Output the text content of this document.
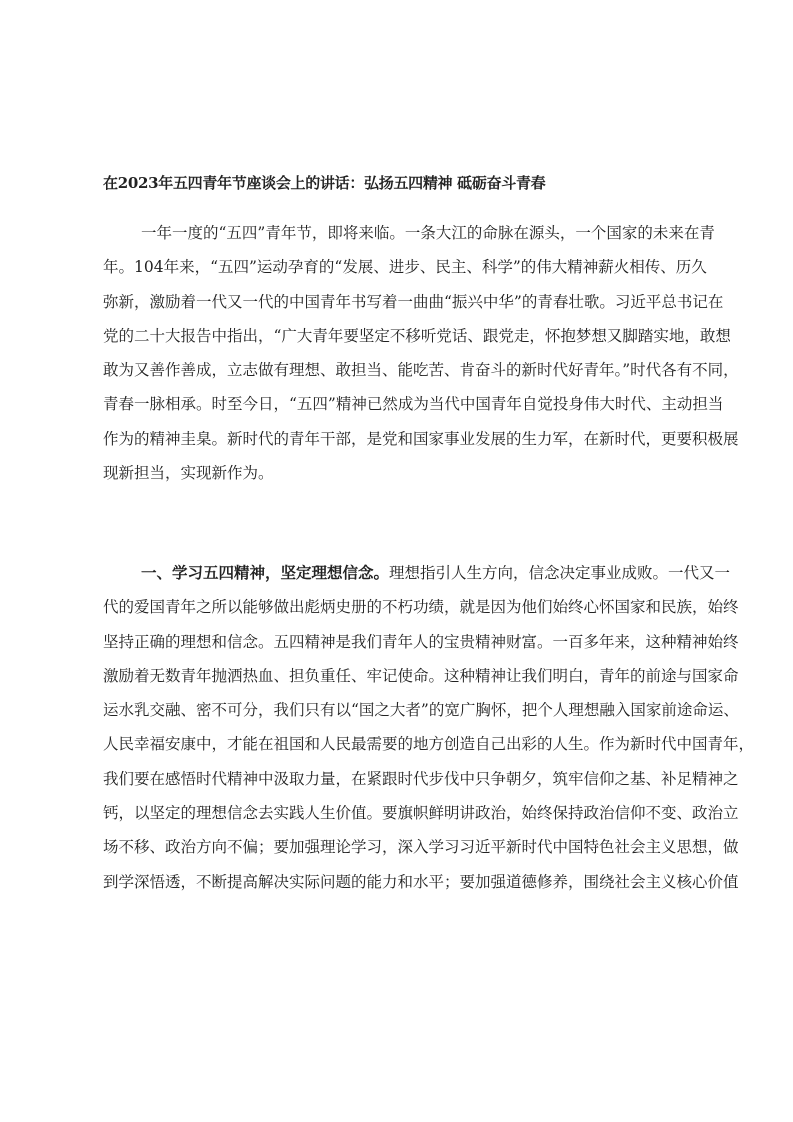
在2023年五四青年节座谈会上的讲话：弘扬五四精神 砥砺奋斗青春
一年一度的“五四”青年节，即将来临。一条大江的命脉在源头，一个国家的未来在青
年。104年来，“五四”运动孕育的“发展、进步、民主、科学”的伟大精神薪火相传、历久
弥新，激励着一代又一代的中国青年书写着一曲曲“振兴中华”的青春壮歌。习近平总书记在
党的二十大报告中指出，“广大青年要坚定不移听党话、跟党走，怀抱梦想又脚踏实地，敢想
敢为又善作善成，立志做有理想、敢担当、能吃苦、肯奋斗的新时代好青年。”时代各有不同，
青春一脉相承。时至今日，“五四”精神已然成为当代中国青年自觉投身伟大时代、主动担当
作为的精神圭臬。新时代的青年干部，是党和国家事业发展的生力军，在新时代，更要积极展
现新担当，实现新作为。
一、学习五四精神，坚定理想信念。理想指引人生方向，信念决定事业成败。一代又一
代的爱国青年之所以能够做出彪炳史册的不朽功绩，就是因为他们始终心怀国家和民族，始终
坚持正确的理想和信念。五四精神是我们青年人的宝贵精神财富。一百多年来，这种精神始终
激励着无数青年抛洒热血、担负重任、牢记使命。这种精神让我们明白，青年的前途与国家命
运水乳交融、密不可分，我们只有以“国之大者”的宽广胸怀，把个人理想融入国家前途命运、
人民幸福安康中，才能在祖国和人民最需要的地方创造自己出彩的人生。作为新时代中国青年，
我们要在感悟时代精神中汲取力量，在紧跟时代步伐中只争朝夕，筑牢信仰之基、补足精神之
钙，以坚定的理想信念去实践人生价值。要旗帜鲜明讲政治，始终保持政治信仰不变、政治立
场不移、政治方向不偏；要加强理论学习，深入学习习近平新时代中国特色社会主义思想，做
到学深悟透，不断提高解决实际问题的能力和水平；要加强道德修养，围绕社会主义核心价值
